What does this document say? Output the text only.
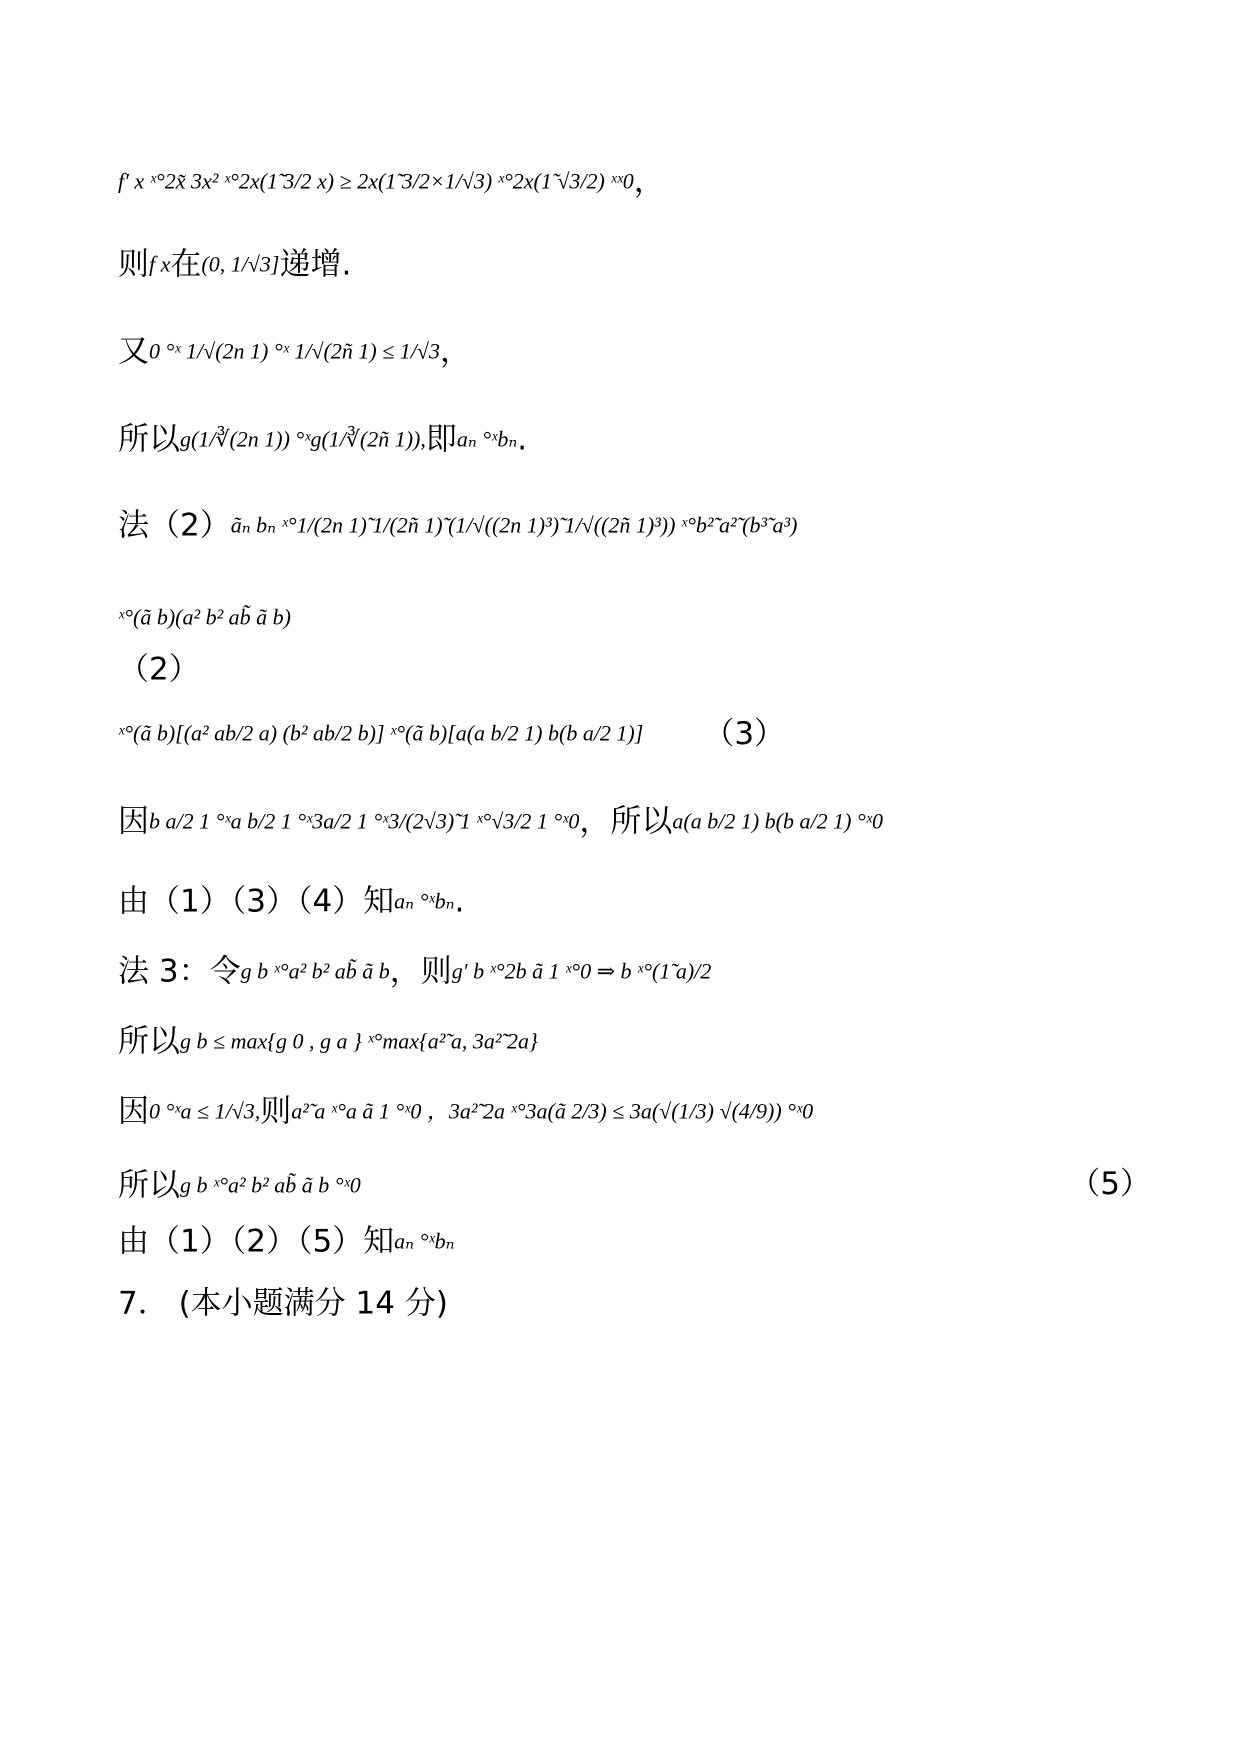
f′ x ˣ°2x̃ 3x² ˣ°2x(1̃ 3/2 x) ≥ 2x(1̃ 3/2×1/√3) ˣ°2x(1̃ √3/2) ˣˣ0，
则f x在(0, 1/√3]递增.
又0 °ˣ 1/√(2n 1) °ˣ 1/√(2ñ 1) ≤ 1/√3，
所以g(1/∛(2n 1)) °ˣg(1/∛(2ñ 1)),即aₙ °ˣbₙ.
法（2）ãₙ bₙ ˣ°1/(2n 1)̃ 1/(2ñ 1)̃ (1/√((2n 1)³)̃ 1/√((2ñ 1)³)) ˣ°b²̃ a²̃ (b³̃ a³)
ˣ°(ã b)(a² b² ab̃ ã b)
（2）
ˣ°(ã b)[(a² ab/2 a) (b² ab/2 b)] ˣ°(ã b)[a(a b/2 1) b(b a/2 1)] （3）
因b a/2 1 °ˣa b/2 1 °ˣ3a/2 1 °ˣ3/(2√3)̃ 1 ˣ°√3/2 1 °ˣ0，所以a(a b/2 1) b(b a/2 1) °ˣ0
由（1）（3）（4）知aₙ °ˣbₙ.
法 3：令g b ˣ°a² b² ab̃ ã b，则g′ b ˣ°2b ã 1 ˣ°0 ⇒ b ˣ°(1̃ a)/2
所以g b ≤ max{g 0 , g a } ˣ°max{a²̃ a, 3a²̃ 2a}
因0 °ˣa ≤ 1/√3,则a²̃ a ˣ°a ã 1 °ˣ0 ，3a²̃ 2a ˣ°3a(ã 2/3) ≤ 3a(√(1/3) √(4/9)) °ˣ0
所以g b ˣ°a² b² ab̃ ã b °ˣ0	（5）
由（1）（2）（5）知aₙ °ˣbₙ
7． (本小题满分 14 分)
